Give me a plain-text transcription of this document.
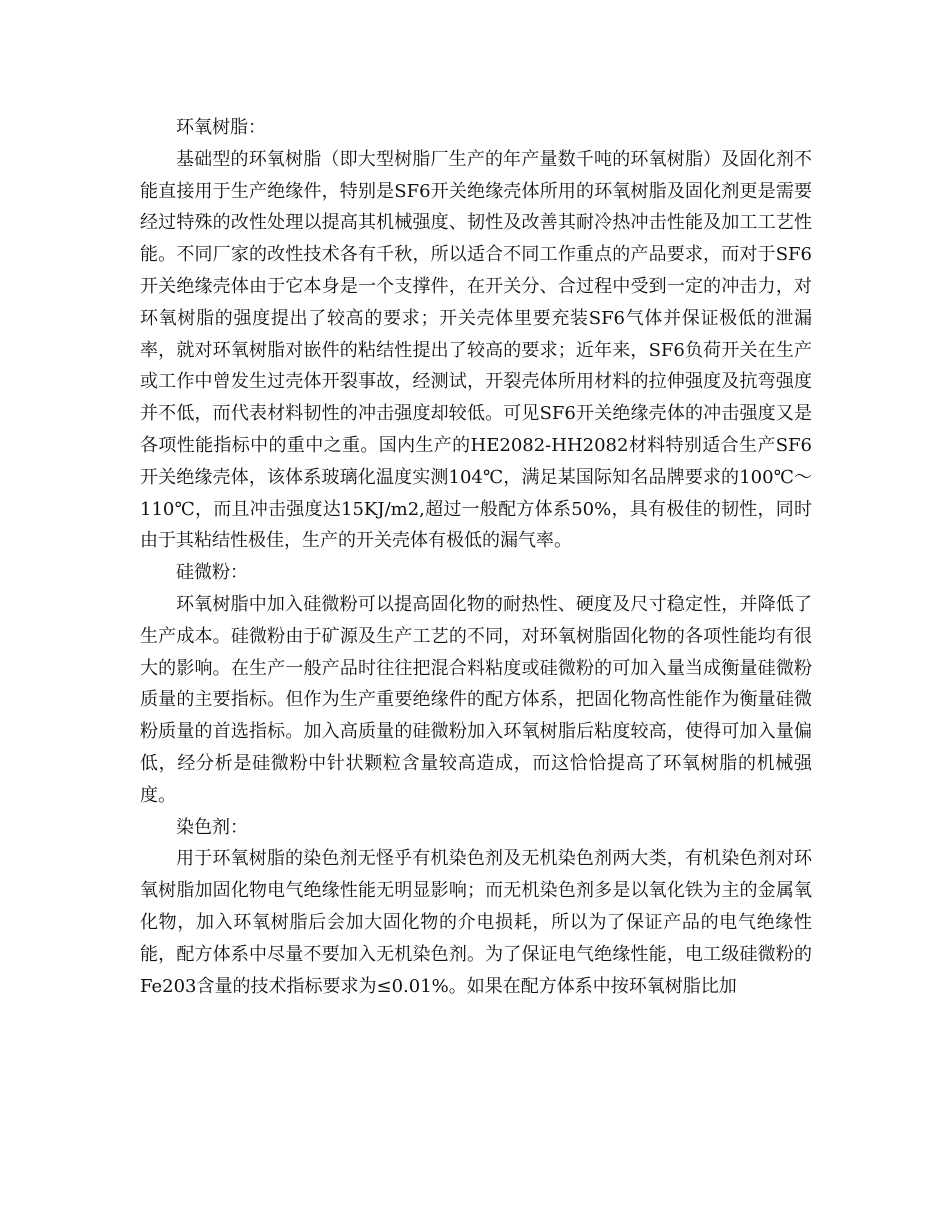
环氧树脂：

基础型的环氧树脂（即大型树脂厂生产的年产量数千吨的环氧树脂）及固化剂不能直接用于生产绝缘件，特别是SF6开关绝缘壳体所用的环氧树脂及固化剂更是需要经过特殊的改性处理以提高其机械强度、韧性及改善其耐冷热冲击性能及加工工艺性能。不同厂家的改性技术各有千秋，所以适合不同工作重点的产品要求，而对于SF6开关绝缘壳体由于它本身是一个支撑件，在开关分、合过程中受到一定的冲击力，对环氧树脂的强度提出了较高的要求；开关壳体里要充装SF6气体并保证极低的泄漏率，就对环氧树脂对嵌件的粘结性提出了较高的要求；近年来，SF6负荷开关在生产或工作中曾发生过壳体开裂事故，经测试，开裂壳体所用材料的拉伸强度及抗弯强度并不低，而代表材料韧性的冲击强度却较低。可见SF6开关绝缘壳体的冲击强度又是各项性能指标中的重中之重。国内生产的HE2082-HH2082材料特别适合生产SF6开关绝缘壳体，该体系玻璃化温度实测104℃，满足某国际知名品牌要求的100℃～110℃，而且冲击强度达15KJ/m2,超过一般配方体系50%，具有极佳的韧性，同时由于其粘结性极佳，生产的开关壳体有极低的漏气率。

硅微粉：

环氧树脂中加入硅微粉可以提高固化物的耐热性、硬度及尺寸稳定性，并降低了生产成本。硅微粉由于矿源及生产工艺的不同，对环氧树脂固化物的各项性能均有很大的影响。在生产一般产品时往往把混合料粘度或硅微粉的可加入量当成衡量硅微粉质量的主要指标。但作为生产重要绝缘件的配方体系，把固化物高性能作为衡量硅微粉质量的首选指标。加入高质量的硅微粉加入环氧树脂后粘度较高，使得可加入量偏低，经分析是硅微粉中针状颗粒含量较高造成，而这恰恰提高了环氧树脂的机械强度。

染色剂：

用于环氧树脂的染色剂无怪乎有机染色剂及无机染色剂两大类，有机染色剂对环氧树脂加固化物电气绝缘性能无明显影响；而无机染色剂多是以氧化铁为主的金属氧化物，加入环氧树脂后会加大固化物的介电损耗，所以为了保证产品的电气绝缘性能，配方体系中尽量不要加入无机染色剂。为了保证电气绝缘性能，电工级硅微粉的Fe203含量的技术指标要求为≤0.01%。如果在配方体系中按环氧树脂比加
